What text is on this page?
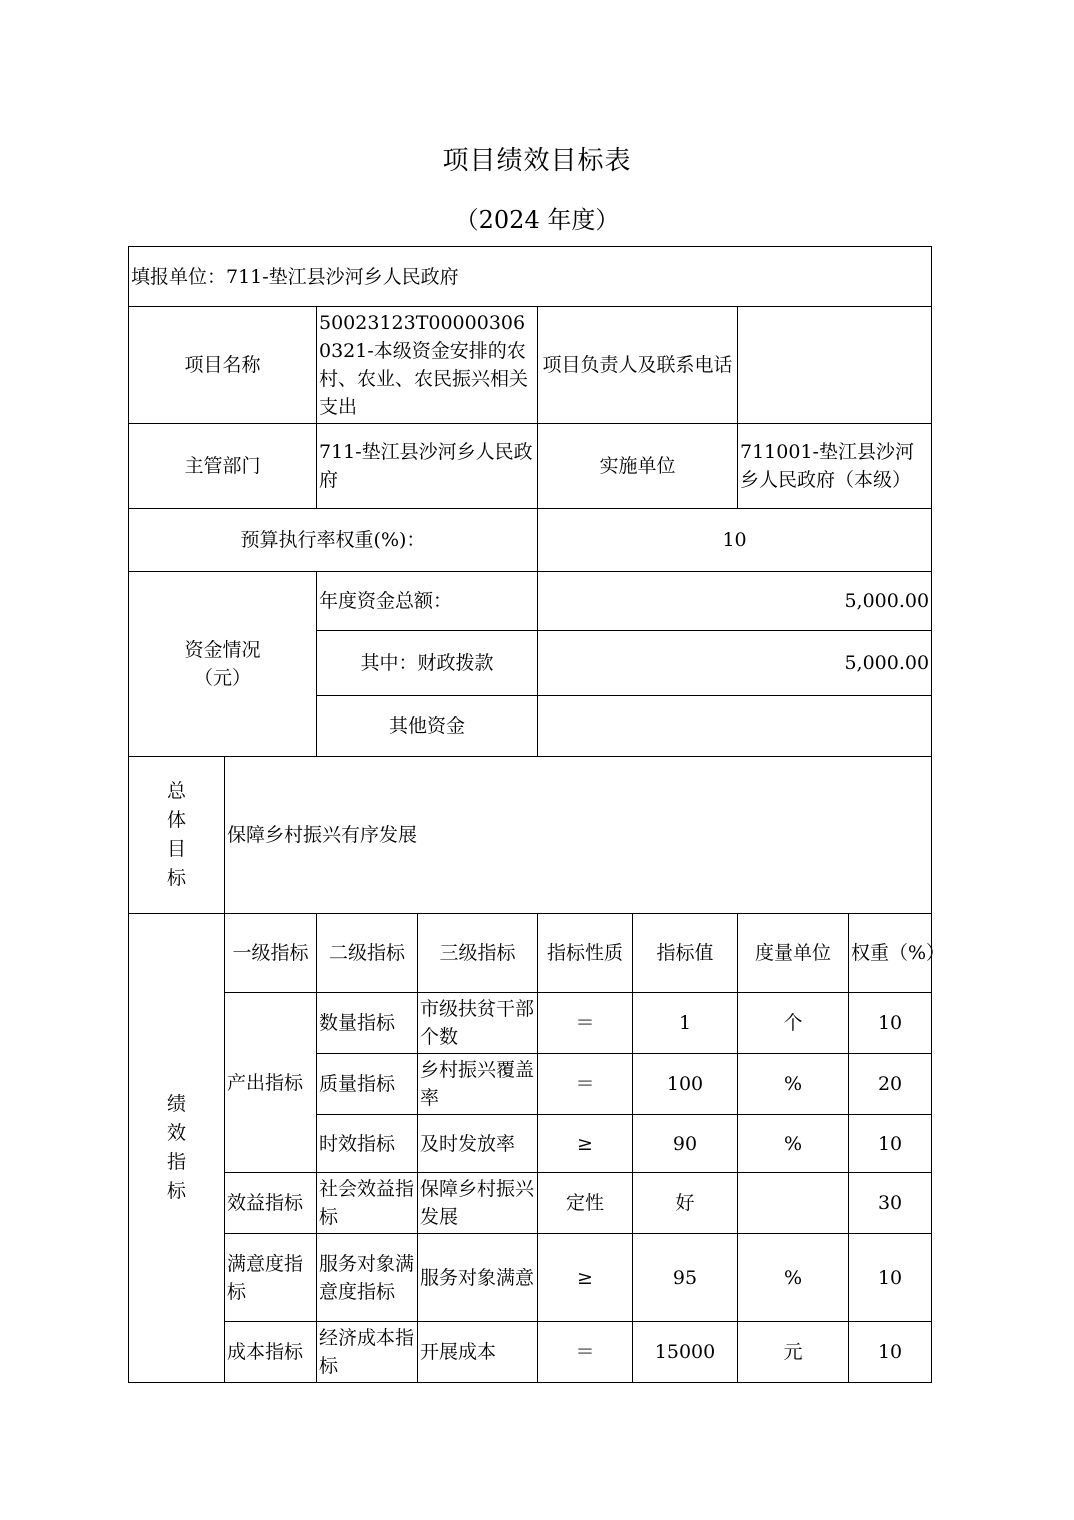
项目绩效目标表
（2024 年度）
填报单位：711-垫江县沙河乡人民政府							
项目名称		50023123T000003060321-本级资金安排的农村、农业、农民振兴相关支出		项目负责人及联系电话			
主管部门		711-垫江县沙河乡人民政府		实施单位		711001-垫江县沙河乡人民政府（本级）	
预算执行率权重(%)：				10			
资金情况（元）		年度资金总额：		5,000.00			
		其中：财政拨款		5,000.00			
		其他资金					
总体目标	保障乡村振兴有序发展						
绩效指标	一级指标	二级指标	三级指标	指标性质	指标值	度量单位	权重（%）
	产出指标	数量指标	市级扶贫干部个数	＝	1	个	10
		质量指标	乡村振兴覆盖率	＝	100	%	20
		时效指标	及时发放率	≥	90	%	10
	效益指标	社会效益指标	保障乡村振兴发展	定性	好		30
	满意度指标	服务对象满意度指标	服务对象满意	≥	95	%	10
	成本指标	经济成本指标	开展成本	＝	15000	元	10
